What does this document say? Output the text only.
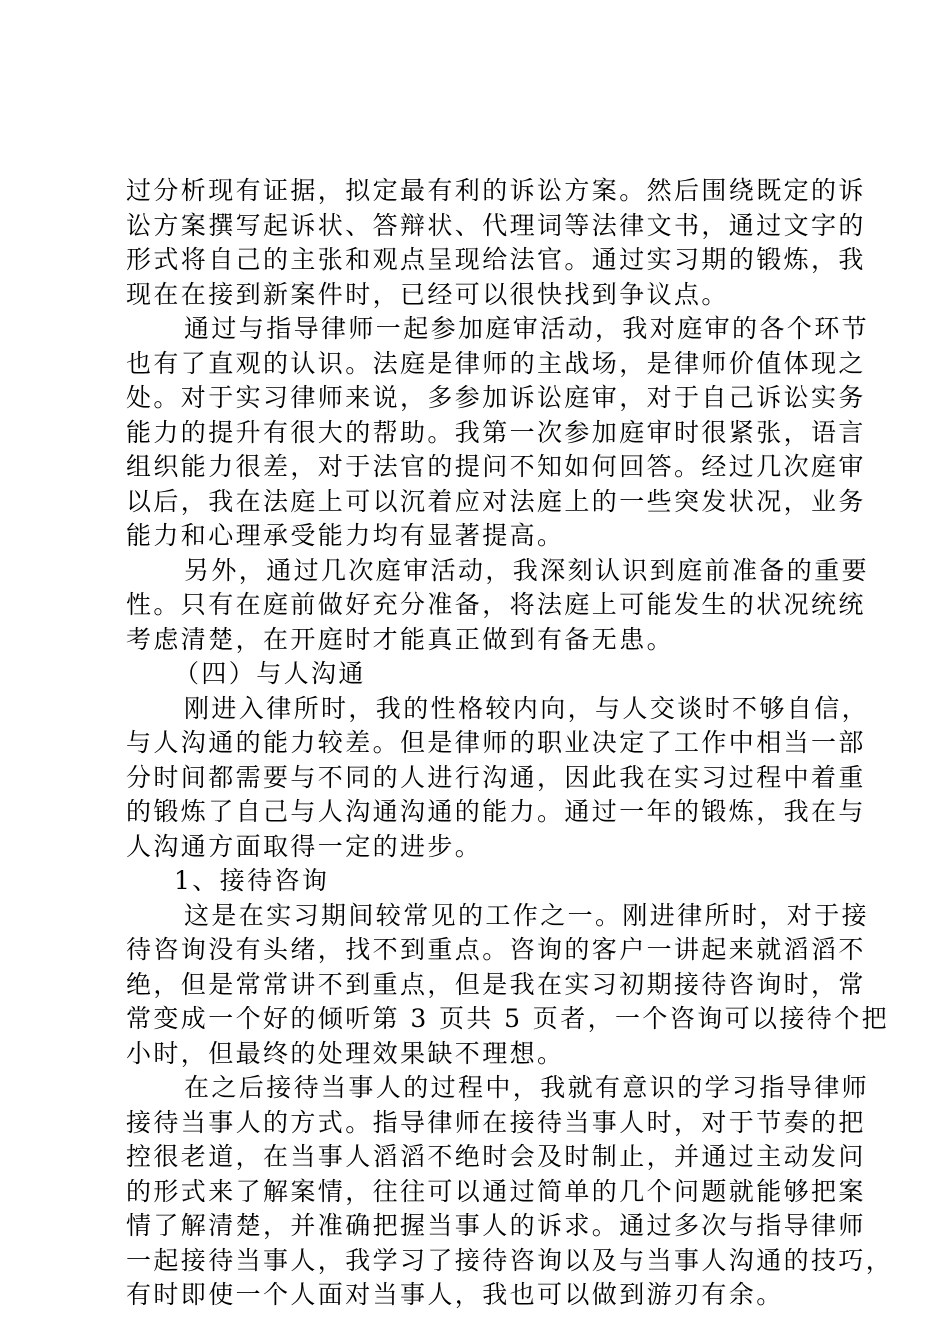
过分析现有证据，拟定最有利的诉讼方案。然后围绕既定的诉
讼方案撰写起诉状、答辩状、代理词等法律文书，通过文字的
形式将自己的主张和观点呈现给法官。通过实习期的锻炼，我
现在在接到新案件时，已经可以很快找到争议点。
通过与指导律师一起参加庭审活动，我对庭审的各个环节
也有了直观的认识。法庭是律师的主战场，是律师价值体现之
处。对于实习律师来说，多参加诉讼庭审，对于自己诉讼实务
能力的提升有很大的帮助。我第一次参加庭审时很紧张，语言
组织能力很差，对于法官的提问不知如何回答。经过几次庭审
以后，我在法庭上可以沉着应对法庭上的一些突发状况，业务
能力和心理承受能力均有显著提高。
另外，通过几次庭审活动，我深刻认识到庭前准备的重要
性。只有在庭前做好充分准备，将法庭上可能发生的状况统统
考虑清楚，在开庭时才能真正做到有备无患。
（四）与人沟通
刚进入律所时，我的性格较内向，与人交谈时不够自信，
与人沟通的能力较差。但是律师的职业决定了工作中相当一部
分时间都需要与不同的人进行沟通，因此我在实习过程中着重
的锻炼了自己与人沟通沟通的能力。通过一年的锻炼，我在与
人沟通方面取得一定的进步。
1、接待咨询
这是在实习期间较常见的工作之一。刚进律所时，对于接
待咨询没有头绪，找不到重点。咨询的客户一讲起来就滔滔不
绝，但是常常讲不到重点，但是我在实习初期接待咨询时，常
常变成一个好的倾听第 3 页共 5 页者，一个咨询可以接待个把
小时，但最终的处理效果缺不理想。
在之后接待当事人的过程中，我就有意识的学习指导律师
接待当事人的方式。指导律师在接待当事人时，对于节奏的把
控很老道，在当事人滔滔不绝时会及时制止，并通过主动发问
的形式来了解案情，往往可以通过简单的几个问题就能够把案
情了解清楚，并准确把握当事人的诉求。通过多次与指导律师
一起接待当事人，我学习了接待咨询以及与当事人沟通的技巧，
有时即使一个人面对当事人，我也可以做到游刃有余。
